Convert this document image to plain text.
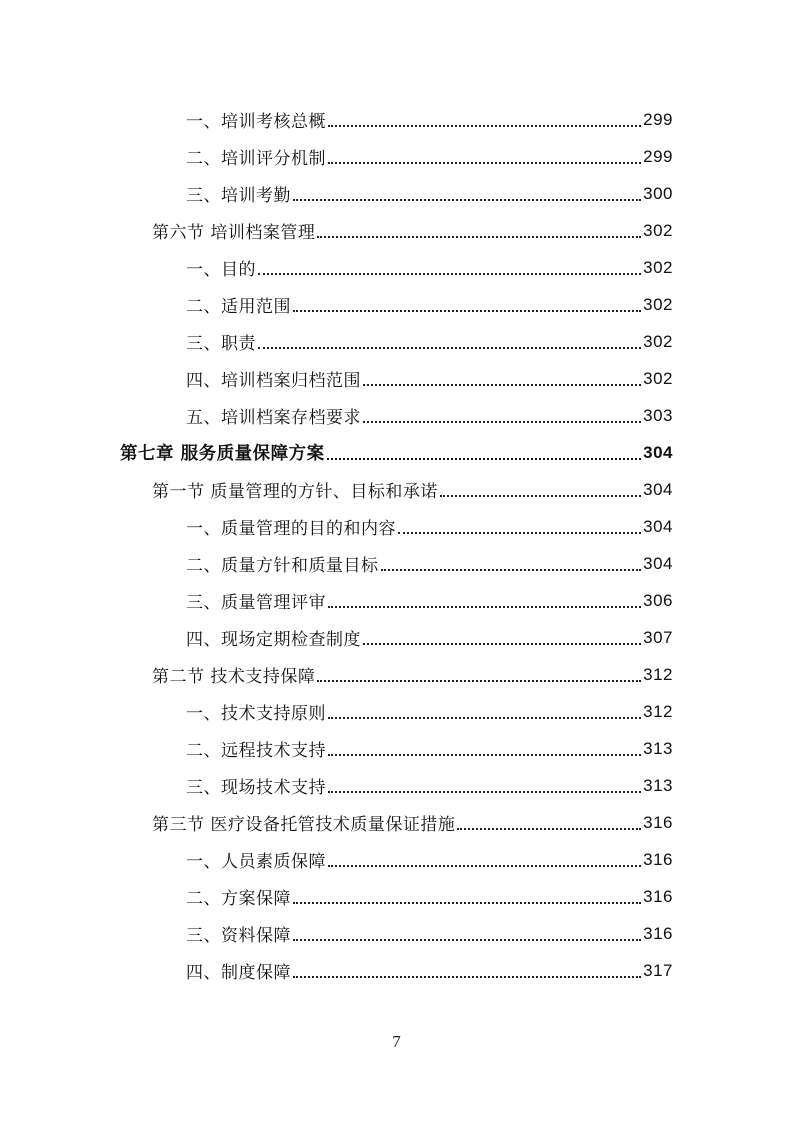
一、培训考核总概	299
二、培训评分机制	299
三、培训考勤	300
第六节 培训档案管理	302
一、目的	302
二、适用范围	302
三、职责	302
四、培训档案归档范围	302
五、培训档案存档要求	303
第七章 服务质量保障方案	304
第一节 质量管理的方针、目标和承诺	304
一、质量管理的目的和内容	304
二、质量方针和质量目标	304
三、质量管理评审	306
四、现场定期检查制度	307
第二节 技术支持保障	312
一、技术支持原则	312
二、远程技术支持	313
三、现场技术支持	313
第三节 医疗设备托管技术质量保证措施	316
一、人员素质保障	316
二、方案保障	316
三、资料保障	316
四、制度保障	317
7
